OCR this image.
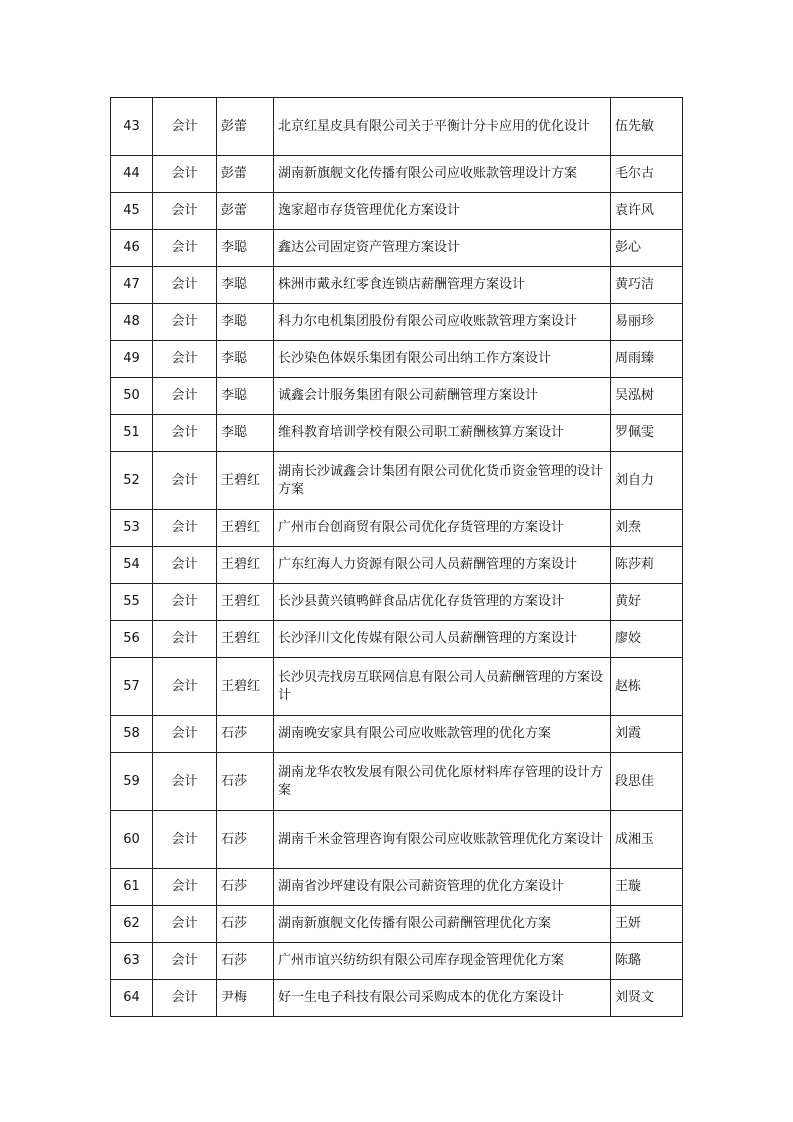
43	会计	彭蕾	北京红星皮具有限公司关于平衡计分卡应用的优化设计	伍先敏
44	会计	彭蕾	湖南新旗舰文化传播有限公司应收账款管理设计方案	毛尔古
45	会计	彭蕾	逸家超市存货管理优化方案设计	袁许风
46	会计	李聪	鑫达公司固定资产管理方案设计	彭心
47	会计	李聪	株洲市戴永红零食连锁店薪酬管理方案设计	黄巧洁
48	会计	李聪	科力尔电机集团股份有限公司应收账款管理方案设计	易丽珍
49	会计	李聪	长沙染色体娱乐集团有限公司出纳工作方案设计	周雨臻
50	会计	李聪	诚鑫会计服务集团有限公司薪酬管理方案设计	吴泓树
51	会计	李聪	维科教育培训学校有限公司职工薪酬核算方案设计	罗佩雯
52	会计	王碧红	湖南长沙诚鑫会计集团有限公司优化货币资金管理的设计方案	刘自力
53	会计	王碧红	广州市台创商贸有限公司优化存货管理的方案设计	刘焘
54	会计	王碧红	广东红海人力资源有限公司人员薪酬管理的方案设计	陈莎莉
55	会计	王碧红	长沙县黄兴镇鸭鲜食品店优化存货管理的方案设计	黄好
56	会计	王碧红	长沙泽川文化传媒有限公司人员薪酬管理的方案设计	廖姣
57	会计	王碧红	长沙贝壳找房互联网信息有限公司人员薪酬管理的方案设计	赵栋
58	会计	石莎	湖南晚安家具有限公司应收账款管理的优化方案	刘霞
59	会计	石莎	湖南龙华农牧发展有限公司优化原材料库存管理的设计方案	段思佳
60	会计	石莎	湖南千米金管理咨询有限公司应收账款管理优化方案设计	成湘玉
61	会计	石莎	湖南省沙坪建设有限公司薪资管理的优化方案设计	王璇
62	会计	石莎	湖南新旗舰文化传播有限公司薪酬管理优化方案	王妍
63	会计	石莎	广州市谊兴纺纺织有限公司库存现金管理优化方案	陈璐
64	会计	尹梅	好一生电子科技有限公司采购成本的优化方案设计	刘贤文
